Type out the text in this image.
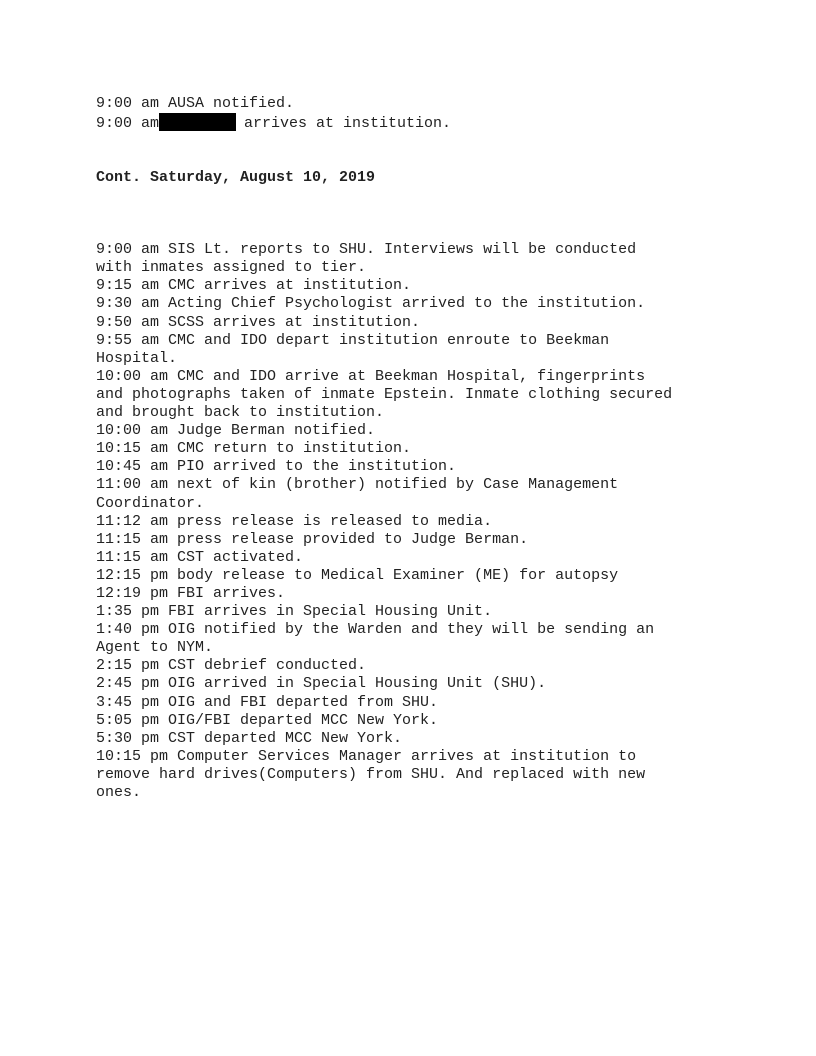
9:00 am AUSA notified.

9:00 am	arrives at institution.

Cont. Saturday, August 10, 2019

9:00 am SIS Lt. reports to SHU. Interviews will be conducted

with inmates assigned to tier.

9:15 am CMC arrives at institution.

9:30 am Acting Chief Psychologist arrived to the institution.

9:50 am SCSS arrives at institution.

9:55 am CMC and IDO depart institution enroute to Beekman

Hospital.

10:00 am CMC and IDO arrive at Beekman Hospital, fingerprints

and photographs taken of inmate Epstein. Inmate clothing secured

and brought back to institution.

10:00 am Judge Berman notified.

10:15 am CMC return to institution.

10:45 am PIO arrived to the institution.

11:00 am next of kin (brother) notified by Case Management

Coordinator.

11:12 am press release is released to media.

11:15 am press release provided to Judge Berman.

11:15 am CST activated.

12:15 pm body release to Medical Examiner (ME) for autopsy

12:19 pm FBI arrives.

1:35 pm FBI arrives in Special Housing Unit.

1:40 pm OIG notified by the Warden and they will be sending an

Agent to NYM.

2:15 pm CST debrief conducted.

2:45 pm OIG arrived in Special Housing Unit (SHU).

3:45 pm OIG and FBI departed from SHU.

5:05 pm OIG/FBI departed MCC New York.

5:30 pm CST departed MCC New York.

10:15 pm Computer Services Manager arrives at institution to

remove hard drives(Computers) from SHU. And replaced with new

ones.
